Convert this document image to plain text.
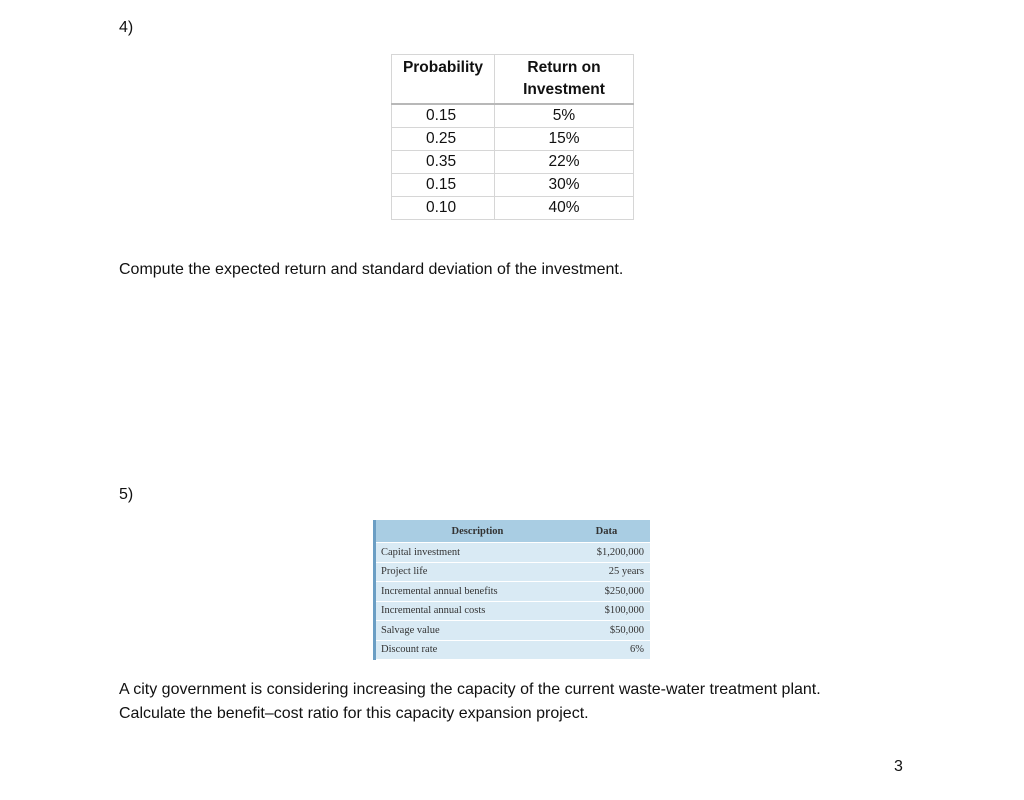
4)
Probability	Return on
Investment
0.15	5%
0.25	15%
0.35	22%
0.15	30%
0.10	40%
Compute the expected return and standard deviation of the investment.
5)
Description	Data
Capital investment	$1,200,000
Project life	25 years
Incremental annual benefits	$250,000
Incremental annual costs	$100,000
Salvage value	$50,000
Discount rate	6%
A city government is considering increasing the capacity of the current waste-water treatment plant.
Calculate the benefit–cost ratio for this capacity expansion project.
3
